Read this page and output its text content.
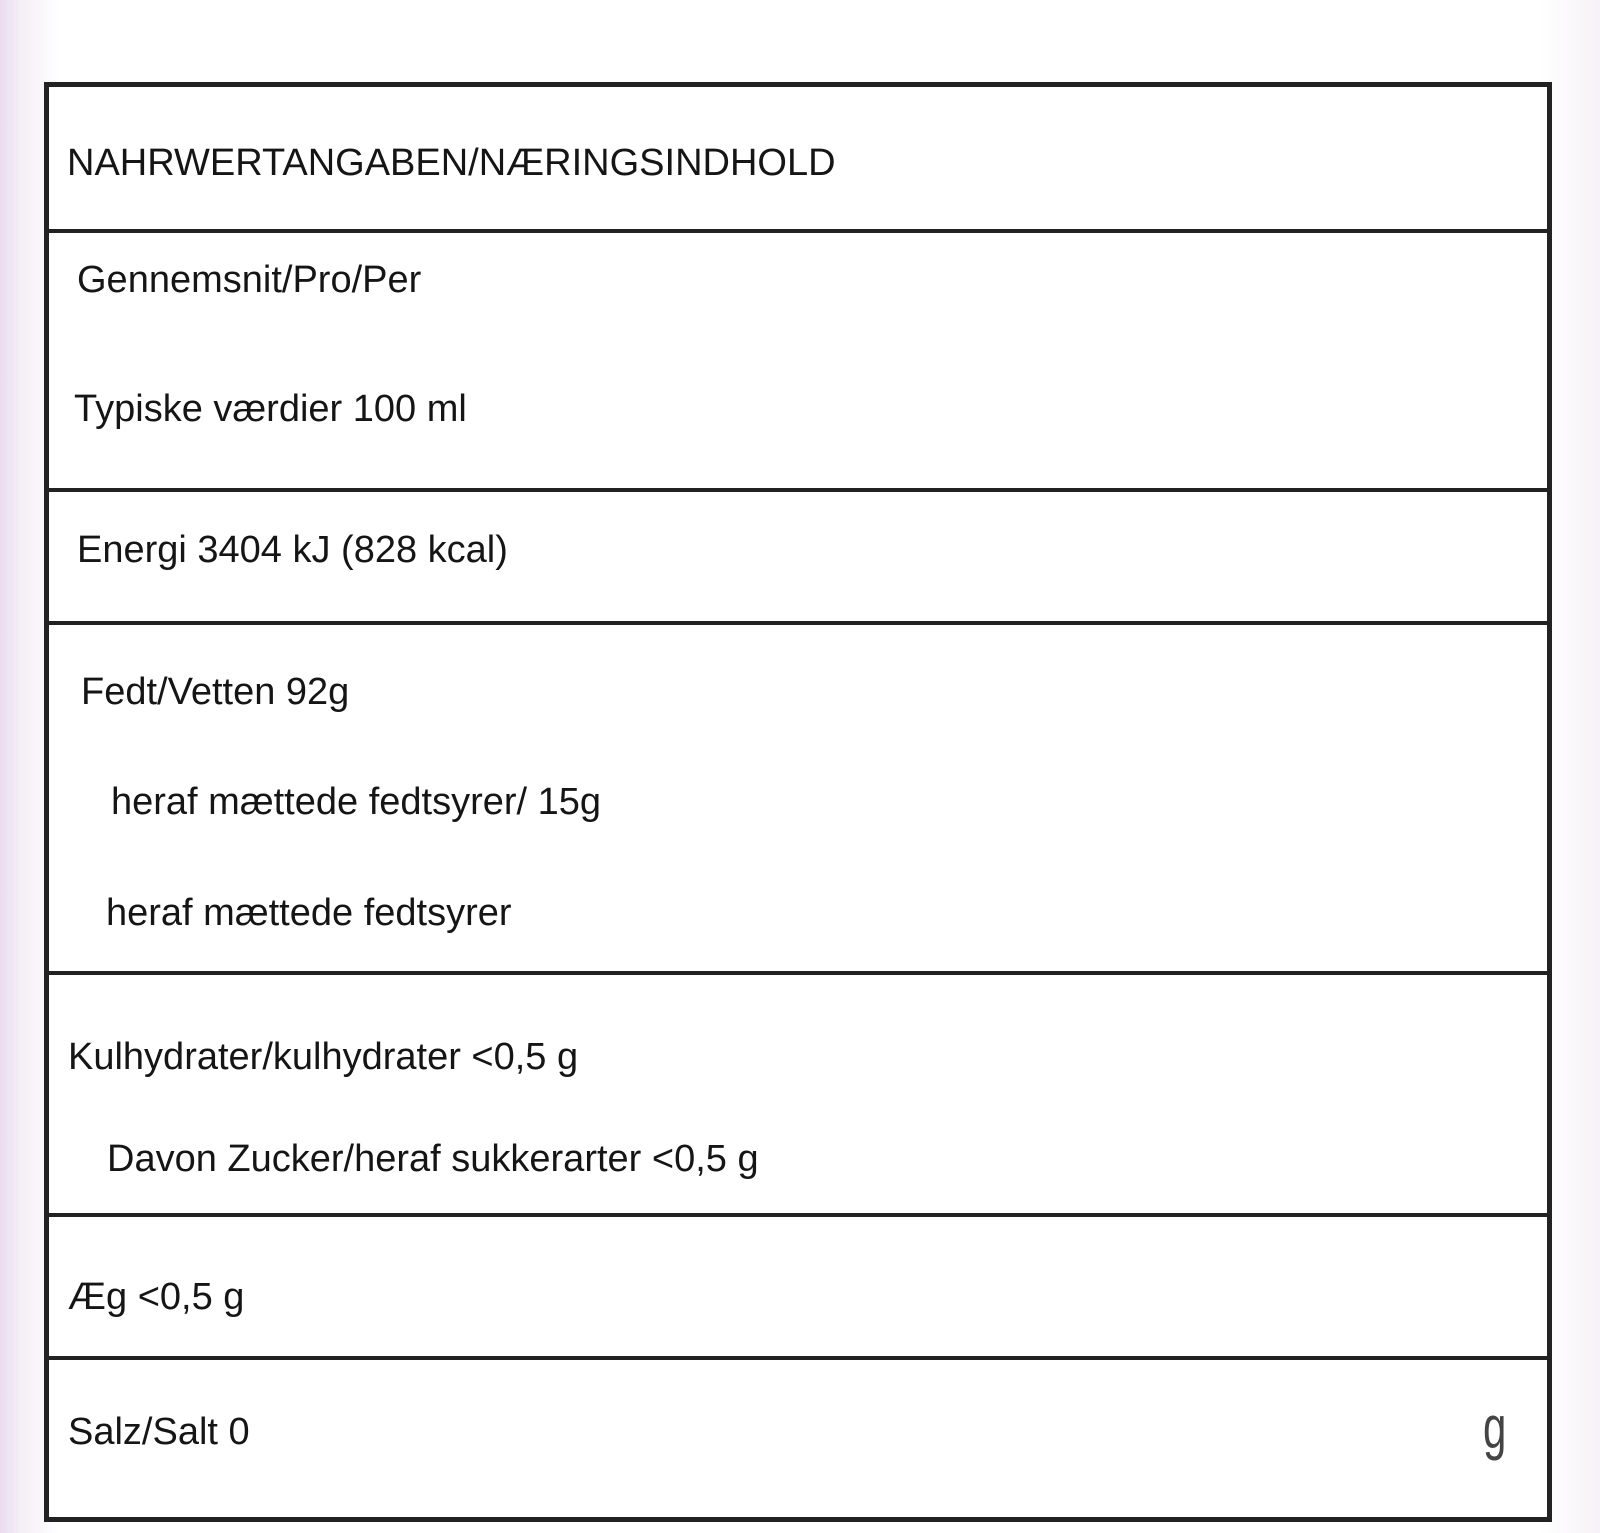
NAHRWERTANGABEN/NÆRINGSINDHOLD
Gennemsnit/Pro/Per
Typiske værdier 100 ml
Energi 3404 kJ (828 kcal)
Fedt/Vetten 92g
heraf mættede fedtsyrer/ 15g
heraf mættede fedtsyrer
Kulhydrater/kulhydrater <0,5 g
Davon Zucker/heraf sukkerarter <0,5 g
Æg <0,5 g
Salz/Salt 0	g
